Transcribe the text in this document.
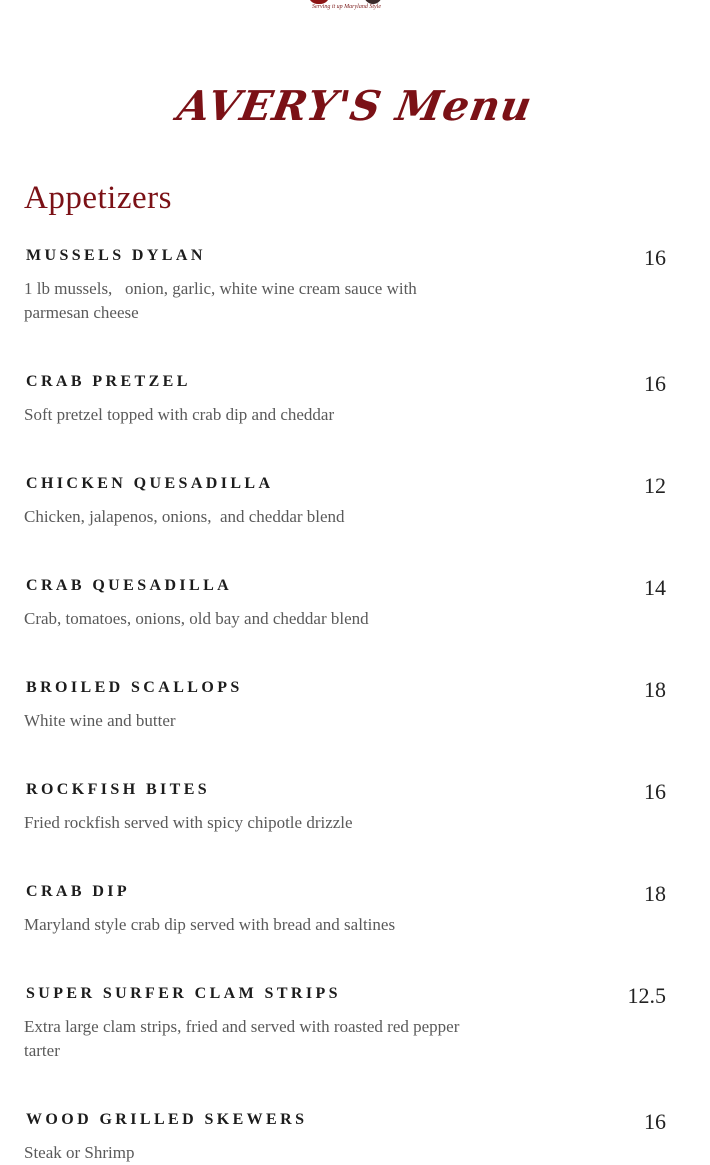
Serving it up Maryland Style
AVERY'S Menu
Appetizers
MUSSELS DYLAN	16
1 lb mussels,   onion, garlic, white wine cream sauce with parmesan cheese
CRAB PRETZEL	16
Soft pretzel topped with crab dip and cheddar
CHICKEN QUESADILLA	12
Chicken, jalapenos, onions,  and cheddar blend
CRAB QUESADILLA	14
Crab, tomatoes, onions, old bay and cheddar blend
BROILED SCALLOPS	18
White wine and butter
ROCKFISH BITES	16
Fried rockfish served with spicy chipotle drizzle
CRAB DIP	18
Maryland style crab dip served with bread and saltines
SUPER SURFER CLAM STRIPS	12.5
Extra large clam strips, fried and served with roasted red pepper tarter
WOOD GRILLED SKEWERS	16
Steak or Shrimp
